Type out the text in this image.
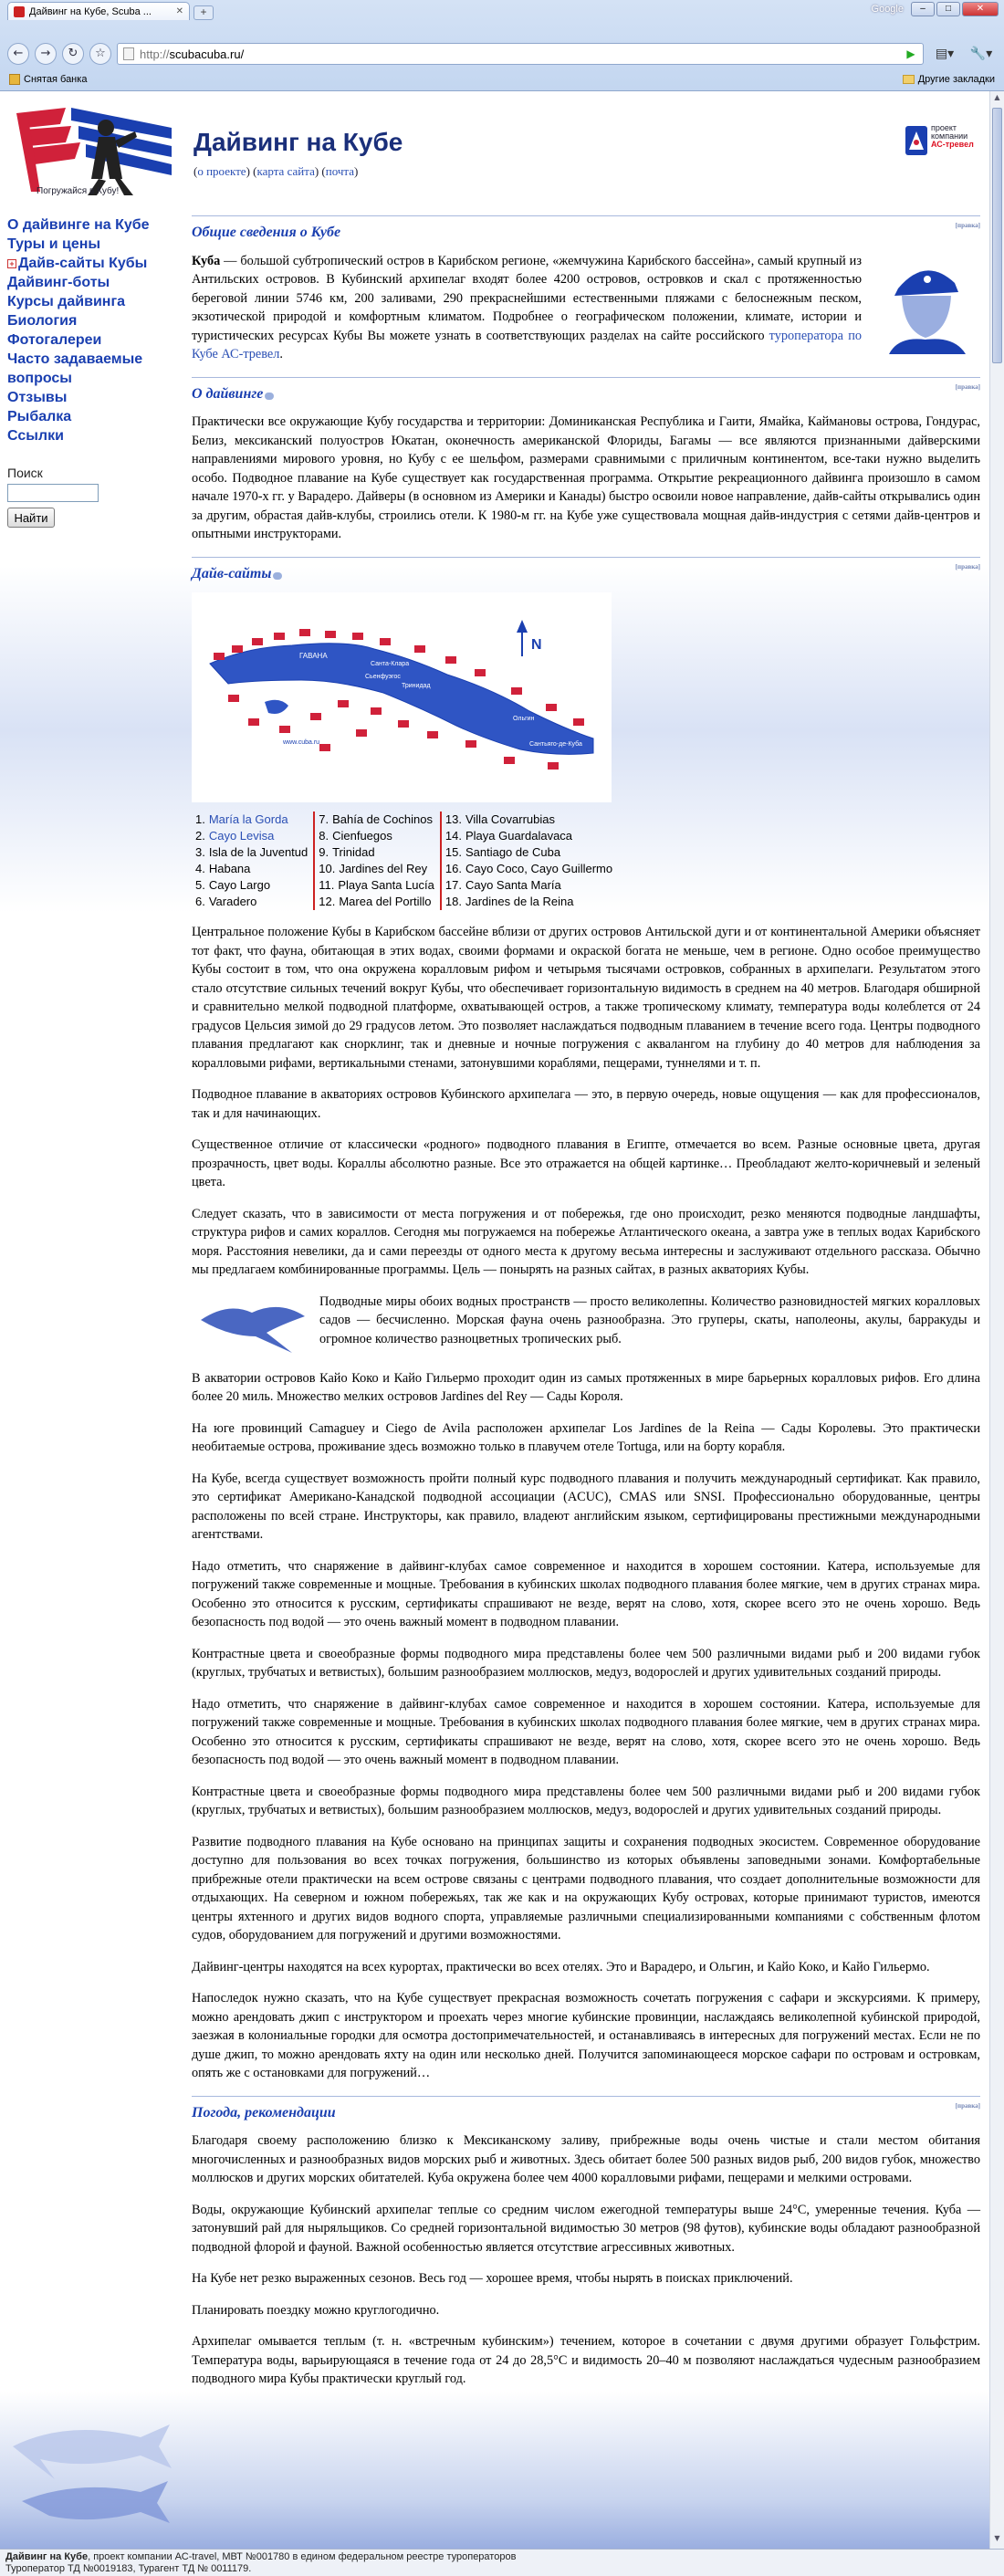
Дайвинг на Кубе, Scuba ...	✕	+	Google	–	□	✕
←	→	↻	☆	http:// scubacuba.ru/	▶	▤▾	🔧▾
Снятая банка	Другие закладки
Погружайся в Кубу!
Дайвинг на Кубе
(о проекте) (карта сайта) (почта)
проект
компании
АС-тревел
О дайвинге на Кубе
Туры и цены
+ Дайв-сайты Кубы
Дайвинг-боты
Курсы дайвинга
Биология
Фотогалереи
Часто задаваемые
вопросы
Отзывы
Рыбалка
Ссылки
Поиск
Найти
Общие сведения о Кубе	[правка]

Куба — большой субтропический остров в Карибском регионе, «жемчужина Карибского бассейна», самый крупный из Антильских островов. В Кубинский архипелаг входят более 4200 островов, островков и скал с протяженностью береговой линии 5746 км, 200 заливами, 290 прекраснейшими естественными пляжами с белоснежным песком, экзотической природой и комфортным климатом. Подробнее о географическом положении, климате, истории и туристических ресурсах Кубы Вы можете узнать в соответствующих разделах на сайте российского туроператора по Кубе АС-тревел.

О дайвинге	[правка]

Практически все окружающие Кубу государства и территории: Доминиканская Республика и Гаити, Ямайка, Каймановы острова, Гондурас, Белиз, мексиканский полуостров Юкатан, оконечность американской Флориды, Багамы — все являются признанными дайверскими направлениями мирового уровня, но Кубу с ее шельфом, размерами сравнимыми с приличным континентом, все-таки нужно выделить особо. Подводное плавание на Кубе существует как государственная программа. Открытие рекреационного дайвинга произошло в самом начале 1970-х гг. у Варадеро. Дайверы (в основном из Америки и Канады) быстро освоили новое направление, дайв-сайты открывались один за другим, обрастая дайв-клубы, строились отели. К 1980-м гг. на Кубе уже существовала мощная дайв-индустрия с сетями дайв-центров и опытными инструкторами.

Дайв-сайты	[правка]
N
ГАВАНА
Санта-Клара
Сьенфуэгос
Тринидад
Ольгин
Сантьяго-де-Куба
www.cuba.ru
1. María la Gorda	7. Bahía de Cochinos	13. Villa Covarrubias
2. Cayo Levisa	8. Cienfuegos	14. Playa Guardalavaca
3. Isla de la Juventud	9. Trinidad	15. Santiago de Cuba
4. Habana	10. Jardines del Rey	16. Cayo Coco, Cayo Guillermo
5. Cayo Largo	11. Playa Santa Lucía	17. Cayo Santa María
6. Varadero	12. Marea del Portillo	18. Jardines de la Reina

Центральное положение Кубы в Карибском бассейне вблизи от других островов Антильской дуги и от континентальной Америки объясняет тот факт, что фауна, обитающая в этих водах, своими формами и окраской богата не меньше, чем в регионе. Одно особое преимущество Кубы состоит в том, что она окружена коралловым рифом и четырьмя тысячами островков, собранных в архипелаги. Результатом этого стало отсутствие сильных течений вокруг Кубы, что обеспечивает горизонтальную видимость в среднем на 40 метров. Благодаря обширной и сравнительно мелкой подводной платформе, охватывающей остров, а также тропическому климату, температура воды колеблется от 24 градусов Цельсия зимой до 29 градусов летом. Это позволяет наслаждаться подводным плаванием в течение всего года. Центры подводного плавания предлагают как снорклинг, так и дневные и ночные погружения с аквалангом на глубину до 40 метров для наблюдения за коралловыми рифами, вертикальными стенами, затонувшими кораблями, пещерами, туннелями и т. п.

Подводное плавание в акваториях островов Кубинского архипелага — это, в первую очередь, новые ощущения — как для профессионалов, так и для начинающих.

Существенное отличие от классически «родного» подводного плавания в Египте, отмечается во всем. Разные основные цвета, другая прозрачность, цвет воды. Кораллы абсолютно разные. Все это отражается на общей картинке… Преобладают желто-коричневый и зеленый цвета.

Следует сказать, что в зависимости от места погружения и от побережья, где оно происходит, резко меняются подводные ландшафты, структура рифов и самих кораллов. Сегодня мы погружаемся на побережье Атлантического океана, а завтра уже в теплых водах Карибского моря. Расстояния невелики, да и сами переезды от одного места к другому весьма интересны и заслуживают отдельного рассказа. Обычно мы предлагаем комбинированные программы. Цель — понырять на разных сайтах, в разных акваториях Кубы.

Подводные миры обоих водных пространств — просто великолепны. Количество разновидностей мягких коралловых садов — бесчисленно. Морская фауна очень разнообразна. Это груперы, скаты, наполеоны, акулы, барракуды и огромное количество разноцветных тропических рыб.

В акватории островов Кайо Коко и Кайо Гильермо проходит один из самых протяженных в мире барьерных коралловых рифов. Его длина более 20 миль. Множество мелких островов Jardines del Rey — Сады Короля.

На юге провинций Camaguey и Ciego de Avila расположен архипелаг Los Jardines de la Reina — Сады Королевы. Это практически необитаемые острова, проживание здесь возможно только в плавучем отеле Tortuga, или на борту корабля.

На Кубе, всегда существует возможность пройти полный курс подводного плавания и получить международный сертификат. Как правило, это сертификат Американо-Канадской подводной ассоциации (ACUC), CMAS или SNSI. Профессионально оборудованные, центры расположены по всей стране. Инструкторы, как правило, владеют английским языком, сертифицированы престижными международными агентствами.

Надо отметить, что снаряжение в дайвинг-клубах самое современное и находится в хорошем состоянии. Катера, используемые для погружений также современные и мощные. Требования в кубинских школах подводного плавания более мягкие, чем в других странах мира. Особенно это относится к русским, сертификаты спрашивают не везде, верят на слово, хотя, скорее всего это не очень хорошо. Ведь безопасность под водой — это очень важный момент в подводном плавании.

Контрастные цвета и своеобразные формы подводного мира представлены более чем 500 различными видами рыб и 200 видами губок (круглых, трубчатых и ветвистых), большим разнообразием моллюсков, медуз, водорослей и других удивительных созданий природы.

Надо отметить, что снаряжение в дайвинг-клубах самое современное и находится в хорошем состоянии. Катера, используемые для погружений также современные и мощные. Требования в кубинских школах подводного плавания более мягкие, чем в других странах мира. Особенно это относится к русским, сертификаты спрашивают не везде, верят на слово, хотя, скорее всего это не очень хорошо. Ведь безопасность под водой — это очень важный момент в подводном плавании.

Контрастные цвета и своеобразные формы подводного мира представлены более чем 500 различными видами рыб и 200 видами губок (круглых, трубчатых и ветвистых), большим разнообразием моллюсков, медуз, водорослей и других удивительных созданий природы.

Развитие подводного плавания на Кубе основано на принципах защиты и сохранения подводных экосистем. Современное оборудование доступно для пользования во всех точках погружения, большинство из которых объявлены заповедными зонами. Комфортабельные прибрежные отели практически на всем острове связаны с центрами подводного плавания, что создает дополнительные возможности для отдыхающих. На северном и южном побережьях, так же как и на окружающих Кубу островах, которые принимают туристов, имеются центры яхтенного и других видов водного спорта, управляемые различными специализированными компаниями с собственным флотом судов, оборудованием для погружений и другими возможностями.

Дайвинг-центры находятся на всех курортах, практически во всех отелях. Это и Варадеро, и Ольгин, и Кайо Коко, и Кайо Гильермо.

Напоследок нужно сказать, что на Кубе существует прекрасная возможность сочетать погружения с сафари и экскурсиями. К примеру, можно арендовать джип с инструктором и проехать через многие кубинские провинции, наслаждаясь великолепной кубинской природой, заезжая в колониальные городки для осмотра достопримечательностей, и останавливаясь в интересных для погружений местах. Если не по душе джип, то можно арендовать яхту на один или несколько дней. Получится запоминающееся морское сафари по островам и островкам, опять же с остановками для погружений…

Погода, рекомендации	[правка]

Благодаря своему расположению близко к Мексиканскому заливу, прибрежные воды очень чистые и стали местом обитания многочисленных и разнообразных видов морских рыб и животных. Здесь обитает более 500 разных видов рыб, 200 видов губок, множество моллюсков и других морских обитателей. Куба окружена более чем 4000 коралловыми рифами, пещерами и мелкими островами.

Воды, окружающие Кубинский архипелаг теплые со средним числом ежегодной температуры выше 24°C, умеренные течения. Куба — затонувший рай для ныряльщиков. Со средней горизонтальной видимостью 30 метров (98 футов), кубинские воды обладают разнообразной подводной флорой и фауной. Важной особенностью является отсутствие агрессивных животных.

На Кубе нет резко выраженных сезонов. Весь год — хорошее время, чтобы нырять в поисках приключений.

Планировать поездку можно круглогодично.

Архипелаг омывается теплым (т. н. «встречным кубинским») течением, которое в сочетании с двумя другими образует Гольфстрим. Температура воды, варьирующаяся в течение года от 24 до 28,5°C и видимость 20–40 м позволяют наслаждаться чудесным разнообразием подводного мира Кубы практически круглый год.

▲
▼
Дайвинг на Кубе, проект компании АС-travel, МВТ №001780 в едином федеральном реестре туроператоров
Туроператор ТД №0019183, Турагент ТД № 0011179.
